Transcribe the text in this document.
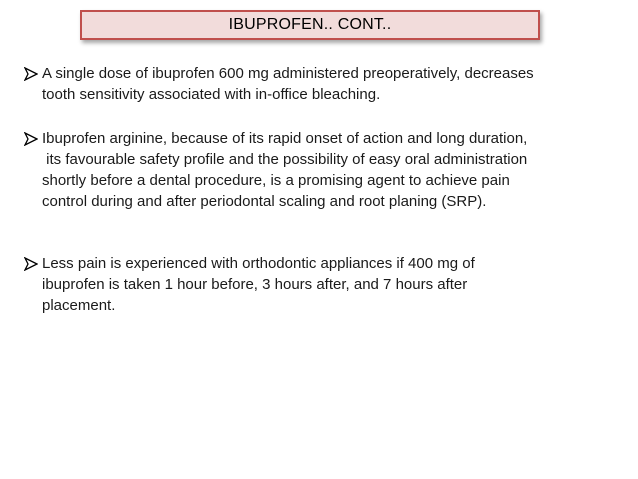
IBUPROFEN.. CONT..
A single dose of ibuprofen 600 mg administered preoperatively, decreases
tooth sensitivity associated with in-office bleaching.
Ibuprofen arginine, because of its rapid onset of action and long duration,
its favourable safety profile and the possibility of easy oral administration
shortly before a dental procedure, is a promising agent to achieve pain
control during and after periodontal scaling and root planing (SRP).
Less pain is experienced with orthodontic appliances if 400 mg of
ibuprofen is taken 1 hour before, 3 hours after, and 7 hours after
placement.
